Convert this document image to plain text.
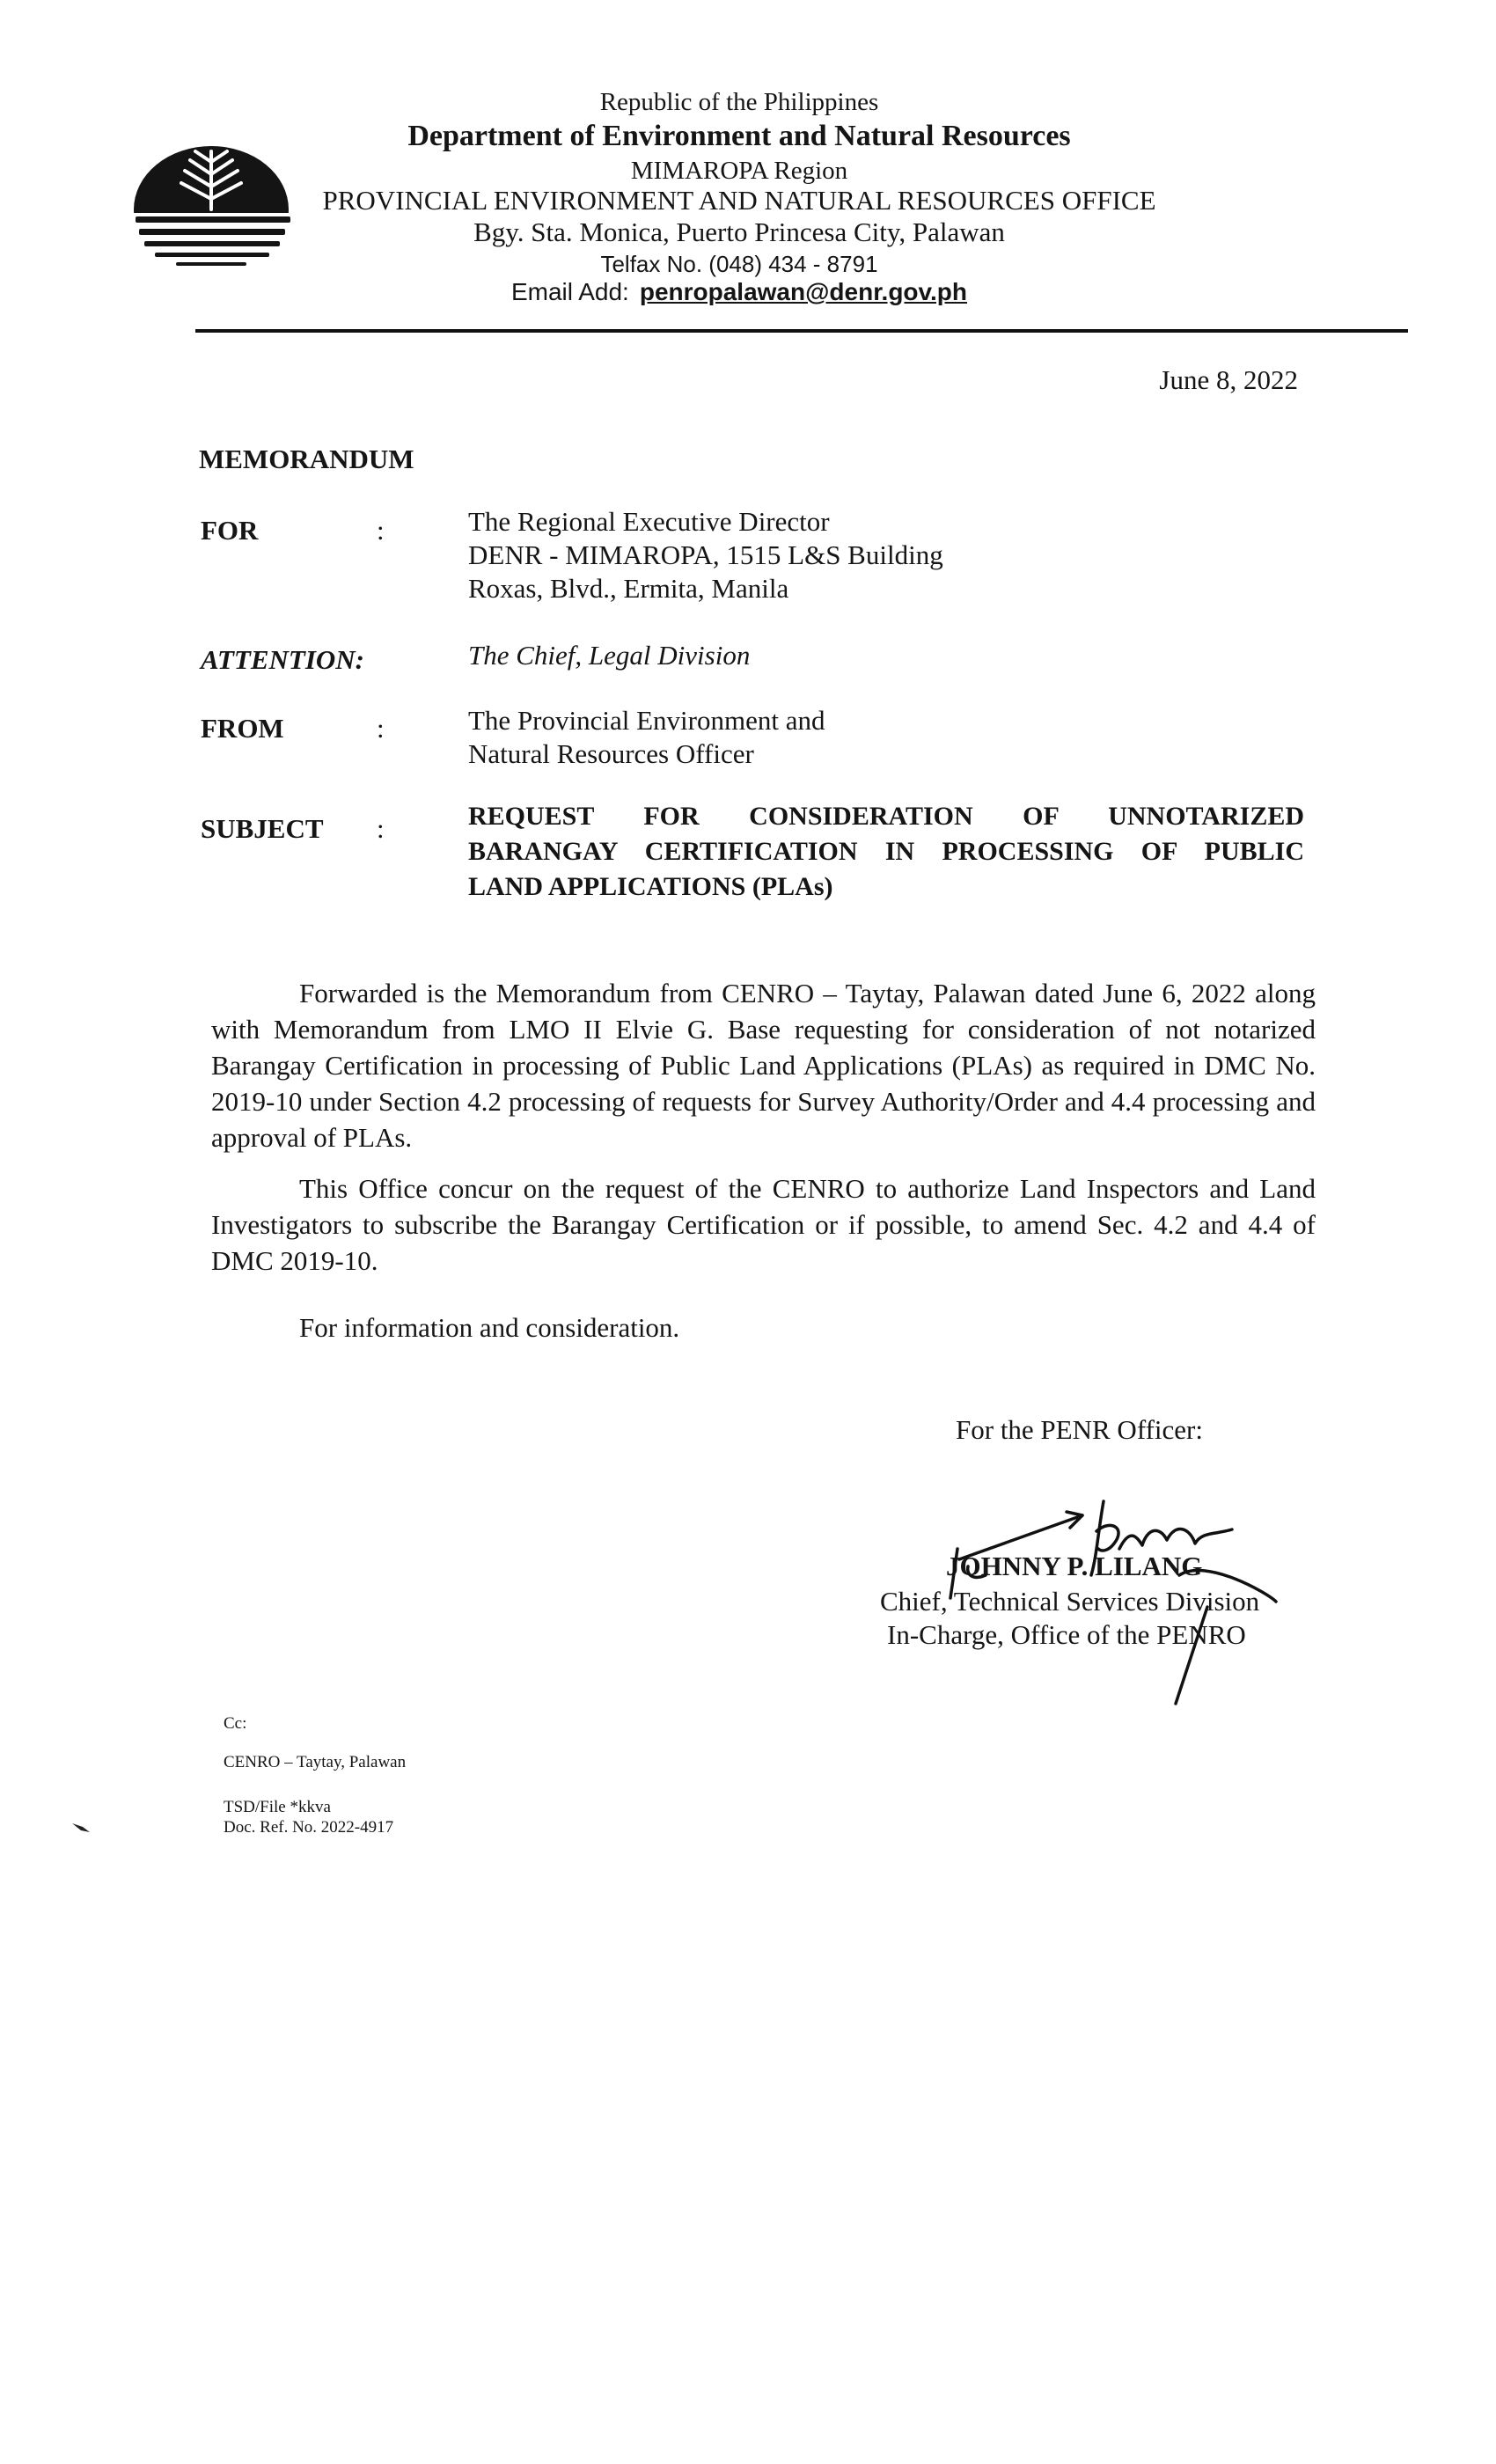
Republic of the Philippines
Department of Environment and Natural Resources
MIMAROPA Region
PROVINCIAL ENVIRONMENT AND NATURAL RESOURCES OFFICE
Bgy. Sta. Monica, Puerto Princesa City, Palawan
Telfax No. (048) 434 - 8791
Email Add: penropalawan@denr.gov.ph
June 8, 2022
MEMORANDUM
FOR	:	The Regional Executive Director
DENR - MIMAROPA, 1515 L&S Building
Roxas, Blvd., Ermita, Manila
ATTENTION:	The Chief, Legal Division
FROM	:	The Provincial Environment and
Natural Resources Officer
SUBJECT :	REQUEST FOR CONSIDERATION OF UNNOTARIZED
BARANGAY CERTIFICATION IN PROCESSING OF PUBLIC
LAND APPLICATIONS (PLAs)
Forwarded is the Memorandum from CENRO – Taytay, Palawan dated June 6, 2022 along with Memorandum from LMO II Elvie G. Base requesting for consideration of not notarized Barangay Certification in processing of Public Land Applications (PLAs) as required in DMC No. 2019-10 under Section 4.2 processing of requests for Survey Authority/Order and 4.4 processing and approval of PLAs.
This Office concur on the request of the CENRO to authorize Land Inspectors and Land Investigators to subscribe the Barangay Certification or if possible, to amend Sec. 4.2 and 4.4 of DMC 2019-10.
For information and consideration.
For the PENR Officer:
JOHNNY P. LILANG
Chief, Technical Services Division
In-Charge, Office of the PENRO
Cc:
CENRO – Taytay, Palawan
TSD/File *kkva
Doc. Ref. No. 2022-4917
